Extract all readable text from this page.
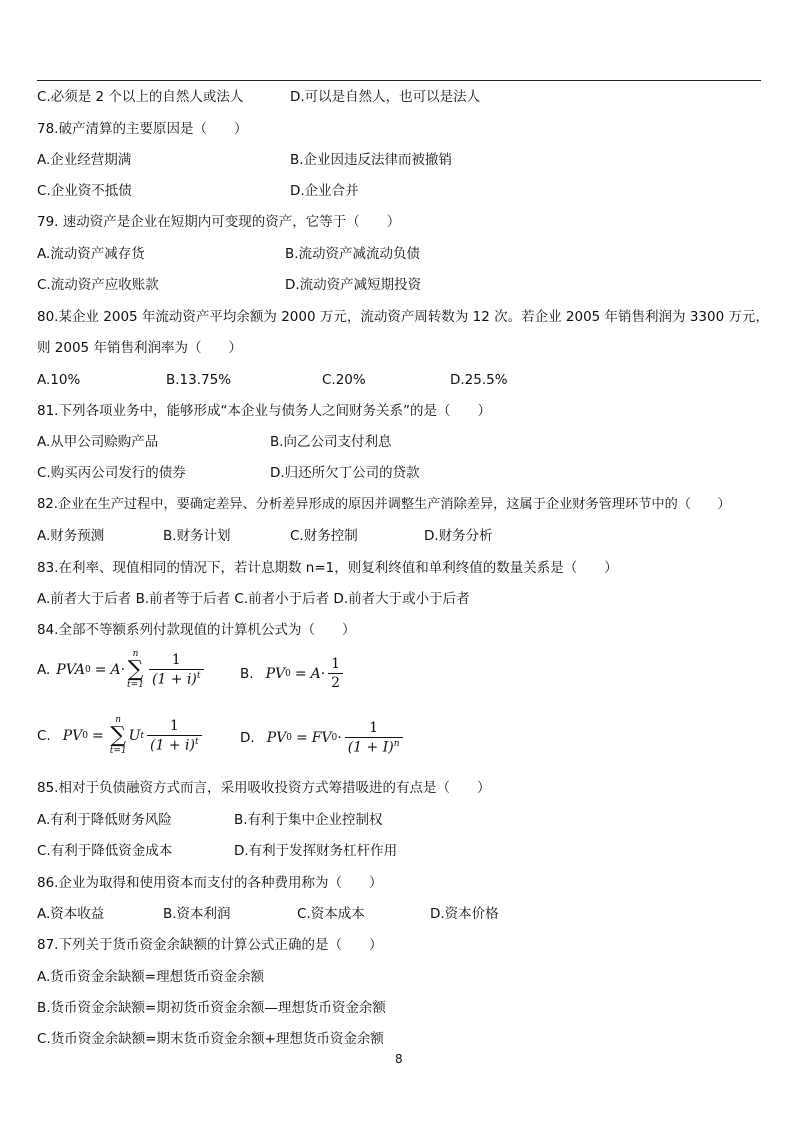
C.必须是 2 个以上的自然人或法人	D.可以是自然人，也可以是法人
78.破产清算的主要原因是（　　）
A.企业经营期满	B.企业因违反法律而被撤销
C.企业资不抵债	D.企业合并
79. 速动资产是企业在短期内可变现的资产，它等于（　　）
A.流动资产减存货	B.流动资产减流动负债
C.流动资产应收账款	D.流动资产减短期投资
80.某企业 2005 年流动资产平均余额为 2000 万元，流动资产周转数为 12 次。若企业 2005 年销售利润为 3300 万元，
则 2005 年销售利润率为（　　）
A.10%	B.13.75%	C.20%	D.25.5%
81.下列各项业务中，能够形成“本企业与债务人之间财务关系”的是（　　）
A.从甲公司赊购产品	B.向乙公司支付利息
C.购买丙公司发行的债券	D.归还所欠丁公司的贷款
82.企业在生产过程中，要确定差异、分析差异形成的原因并调整生产消除差异，这属于企业财务管理环节中的（　　）
A.财务预测	B.财务计划	C.财务控制	D.财务分析
83.在利率、现值相同的情况下，若计息期数 n=1，则复利终值和单利终值的数量关系是（　　）
A.前者大于后者 B.前者等于后者 C.前者小于后者 D.前者大于或小于后者
84.全部不等额系列付款现值的计算机公式为（　　）
A. PVA 0 = A ·
n
∑
$t=1 \frac{1}{(1 + i)^t}$	B. PV $0 = A \cdot \frac{1}{2}$
C. PV 0 =
n
∑
t=1
U t $\frac{1}{(1 + i)^t}$	D. PV 0 = FV $0 \cdot \frac{1}{(1 + I)^n}$
85.相对于负债融资方式而言，采用吸收投资方式筹措吸进的有点是（　　）
A.有利于降低财务风险	B.有利于集中企业控制权
C.有利于降低资金成本	D.有利于发挥财务杠杆作用
86.企业为取得和使用资本而支付的各种费用称为（　　）
A.资本收益	B.资本利润	C.资本成本	D.资本价格
87.下列关于货币资金余缺额的计算公式正确的是（　　）
A.货币资金余缺额=理想货币资金余额
B.货币资金余缺额=期初货币资金余额—理想货币资金余额
C.货币资金余缺额=期末货币资金余额+理想货币资金余额
8
